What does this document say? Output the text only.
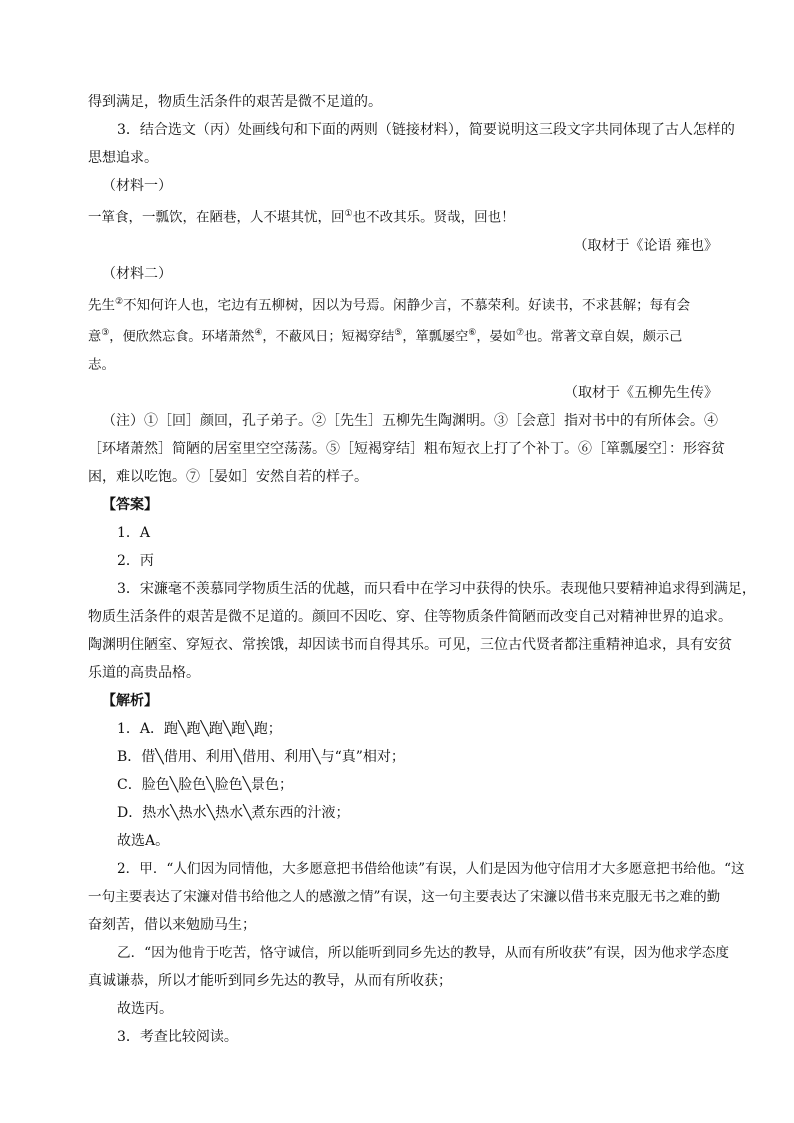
得到满足，物质生活条件的艰苦是微不足道的。
3．结合选文（丙）处画线句和下面的两则（链接材料），简要说明这三段文字共同体现了古人怎样的
思想追求。
（材料一）
一箪食，一瓢饮，在陋巷，人不堪其忧，回①也不改其乐。贤哉，回也！
（取材于《论语 雍也》
（材料二）
先生②不知何许人也，宅边有五柳树，因以为号焉。闲静少言，不慕荣利。好读书，不求甚解；每有会
意③，便欣然忘食。环堵萧然④，不蔽风日；短褐穿结⑤，箪瓢屡空⑥，晏如⑦也。常著文章自娱，颇示己
志。
（取材于《五柳先生传》
（注）①［回］颜回，孔子弟子。②［先生］五柳先生陶渊明。③［会意］指对书中的有所体会。④
［环堵萧然］简陋的居室里空空荡荡。⑤［短褐穿结］粗布短衣上打了个补丁。⑥［箪瓢屡空］：形容贫
困，难以吃饱。⑦［晏如］安然自若的样子。
【答案】
1．A
2．丙
3．宋濂毫不羡慕同学物质生活的优越，而只看中在学习中获得的快乐。表现他只要精神追求得到满足，
物质生活条件的艰苦是微不足道的。颜回不因吃、穿、住等物质条件简陋而改变自己对精神世界的追求。
陶渊明住陋室、穿短衣、常挨饿，却因读书而自得其乐。可见，三位古代贤者都注重精神追求，具有安贫
乐道的高贵品格。
【解析】
1．A．跑╲跑╲跑╲跑╲跑；
B．借╲借用、利用╲借用、利用╲与“真”相对；
C．脸色╲脸色╲脸色╲景色；
D．热水╲热水╲热水╲煮东西的汁液；
故选A。
2．甲．“人们因为同情他，大多愿意把书借给他读”有误，人们是因为他守信用才大多愿意把书给他。“这
一句主要表达了宋濂对借书给他之人的感激之情”有误，这一句主要表达了宋濂以借书来克服无书之难的勤
奋刻苦，借以来勉励马生；
乙．“因为他肯于吃苦，恪守诚信，所以能听到同乡先达的教导，从而有所收获”有误，因为他求学态度
真诚谦恭，所以才能听到同乡先达的教导，从而有所收获；
故选丙。
3．考查比较阅读。
